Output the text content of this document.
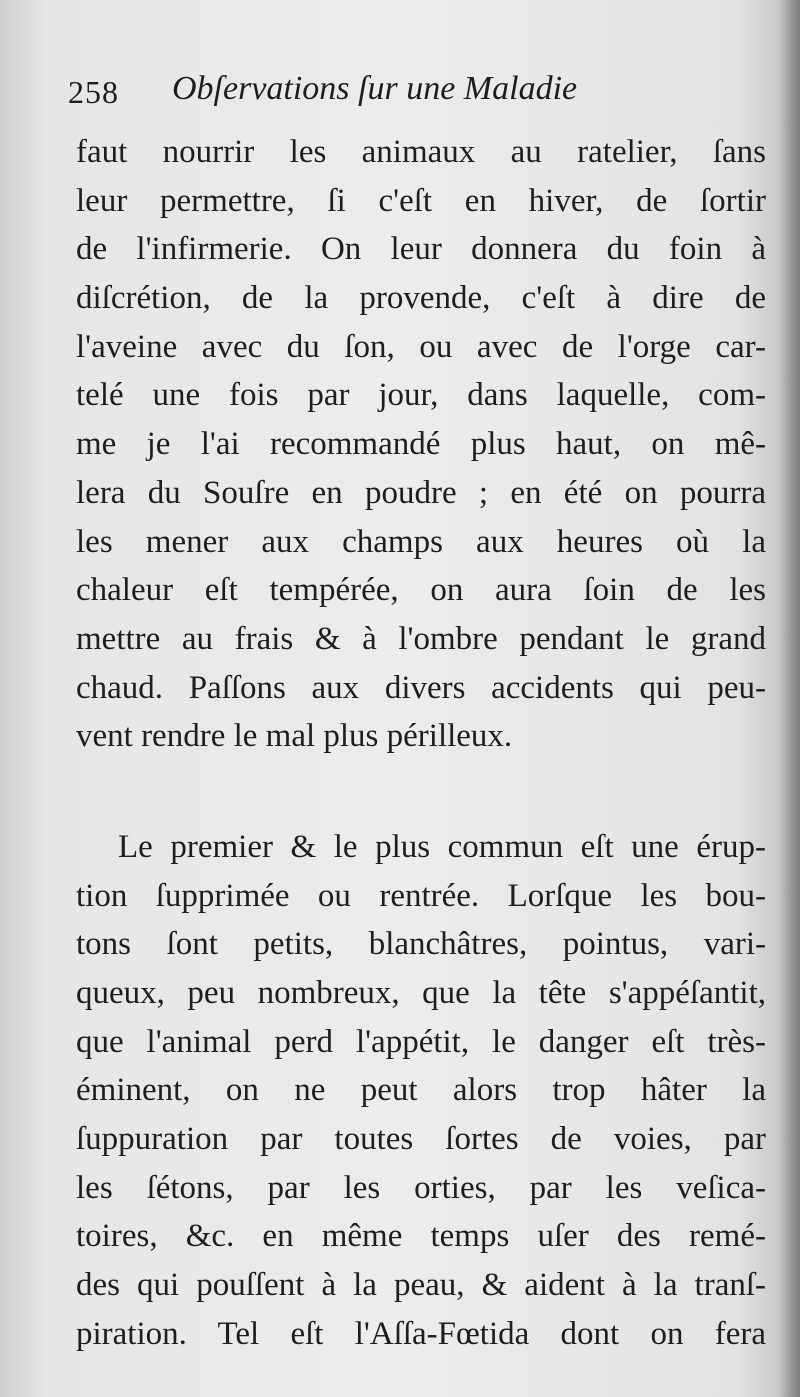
258 Obſervations ſur une Maladie
faut nourrir les animaux au ratelier, ſans
leur permettre, ſi c'eſt en hiver, de ſortir
de l'infirmerie. On leur donnera du foin à
diſcrétion, de la provende, c'eſt à dire de
l'aveine avec du ſon, ou avec de l'orge car-
telé une fois par jour, dans laquelle, com-
me je l'ai recommandé plus haut, on mê-
lera du Souſre en poudre ; en été on pourra
les mener aux champs aux heures où la
chaleur eſt tempérée, on aura ſoin de les
mettre au frais & à l'ombre pendant le grand
chaud. Paſſons aux divers accidents qui peu-
vent rendre le mal plus périlleux.
Le premier & le plus commun eſt une érup-
tion ſupprimée ou rentrée. Lorſque les bou-
tons ſont petits, blanchâtres, pointus, vari-
queux, peu nombreux, que la tête s'appéſantit,
que l'animal perd l'appétit, le danger eſt très-
éminent, on ne peut alors trop hâter la
ſuppuration par toutes ſortes de voies, par
les ſétons, par les orties, par les veſica-
toires, &c. en même temps uſer des remé-
des qui pouſſent à la peau, & aident à la tranſ-
piration. Tel eſt l'Aſſa-Fœtida dont on fera
